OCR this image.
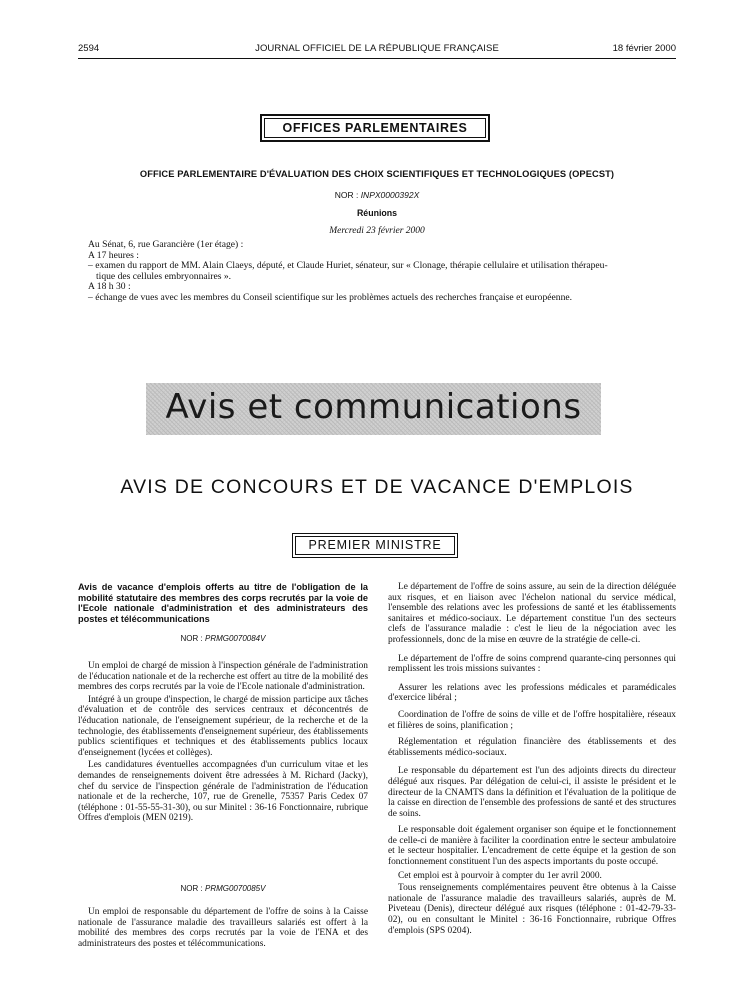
2594	JOURNAL OFFICIEL DE LA RÉPUBLIQUE FRANÇAISE	18 février 2000
OFFICES PARLEMENTAIRES
OFFICE PARLEMENTAIRE D'ÉVALUATION DES CHOIX SCIENTIFIQUES ET TECHNOLOGIQUES (OPECST)
NOR : INPX0000392X
Réunions
Mercredi 23 février 2000

Au Sénat, 6, rue Garancière (1er étage) :

A 17 heures :

– examen du rapport de MM. Alain Claeys, député, et Claude Huriet, sénateur, sur « Clonage, thérapie cellulaire et utilisation thérapeu-

tique des cellules embryonnaires ».

A 18 h 30 :

– échange de vues avec les membres du Conseil scientifique sur les problèmes actuels des recherches française et européenne.

Avis et communications
AVIS DE CONCOURS ET DE VACANCE D'EMPLOIS
PREMIER MINISTRE
Avis de vacance d'emplois offerts au titre de l'obligation de la mobilité statutaire des membres des corps recrutés par la voie de l'Ecole nationale d'administration et des administrateurs des postes et télécommunications
NOR : PRMG0070084V

Un emploi de chargé de mission à l'inspection générale de l'administration de l'éducation nationale et de la recherche est offert au titre de la mobilité des membres des corps recrutés par la voie de l'Ecole nationale d'administration.

Intégré à un groupe d'inspection, le chargé de mission participe aux tâches d'évaluation et de contrôle des services centraux et déconcentrés de l'éducation nationale, de l'enseignement supérieur, de la recherche et de la technologie, des établissements d'enseignement supérieur, des établissements publics scientifiques et techniques et des établissements publics locaux d'enseignement (lycées et collèges).

Les candidatures éventuelles accompagnées d'un curriculum vitae et les demandes de renseignements doivent être adressées à M. Richard (Jacky), chef du service de l'inspection générale de l'administration de l'éducation nationale et de la recherche, 107, rue de Grenelle, 75357 Paris Cedex 07 (téléphone : 01-55-55-31-30), ou sur Minitel : 36-16 Fonctionnaire, rubrique Offres d'emplois (MEN 0219).

NOR : PRMG0070085V

Un emploi de responsable du département de l'offre de soins à la Caisse nationale de l'assurance maladie des travailleurs salariés est offert à la mobilité des membres des corps recrutés par la voie de l'ENA et des administrateurs des postes et télécommunications.

Le département de l'offre de soins assure, au sein de la direction déléguée aux risques, et en liaison avec l'échelon national du service médical, l'ensemble des relations avec les professions de santé et les établissements sanitaires et médico-sociaux. Le département constitue l'un des secteurs clefs de l'assurance maladie : c'est le lieu de la négociation avec les professionnels, donc de la mise en œuvre de la stratégie de celle-ci.

Le département de l'offre de soins comprend quarante-cinq personnes qui remplissent les trois missions suivantes :

Assurer les relations avec les professions médicales et paramédicales d'exercice libéral ;

Coordination de l'offre de soins de ville et de l'offre hospitalière, réseaux et filières de soins, planification ;

Réglementation et régulation financière des établissements et des établissements médico-sociaux.

Le responsable du département est l'un des adjoints directs du directeur délégué aux risques. Par délégation de celui-ci, il assiste le président et le directeur de la CNAMTS dans la définition et l'évaluation de la politique de la caisse en direction de l'ensemble des professions de santé et des structures de soins.

Le responsable doit également organiser son équipe et le fonctionnement de celle-ci de manière à faciliter la coordination entre le secteur ambulatoire et le secteur hospitalier. L'encadrement de cette équipe et la gestion de son fonctionnement constituent l'un des aspects importants du poste occupé.

Cet emploi est à pourvoir à compter du 1er avril 2000.

Tous renseignements complémentaires peuvent être obtenus à la Caisse nationale de l'assurance maladie des travailleurs salariés, auprès de M. Piveteau (Denis), directeur délégué aux risques (téléphone : 01-42-79-33-02), ou en consultant le Minitel : 36-16 Fonctionnaire, rubrique Offres d'emplois (SPS 0204).
